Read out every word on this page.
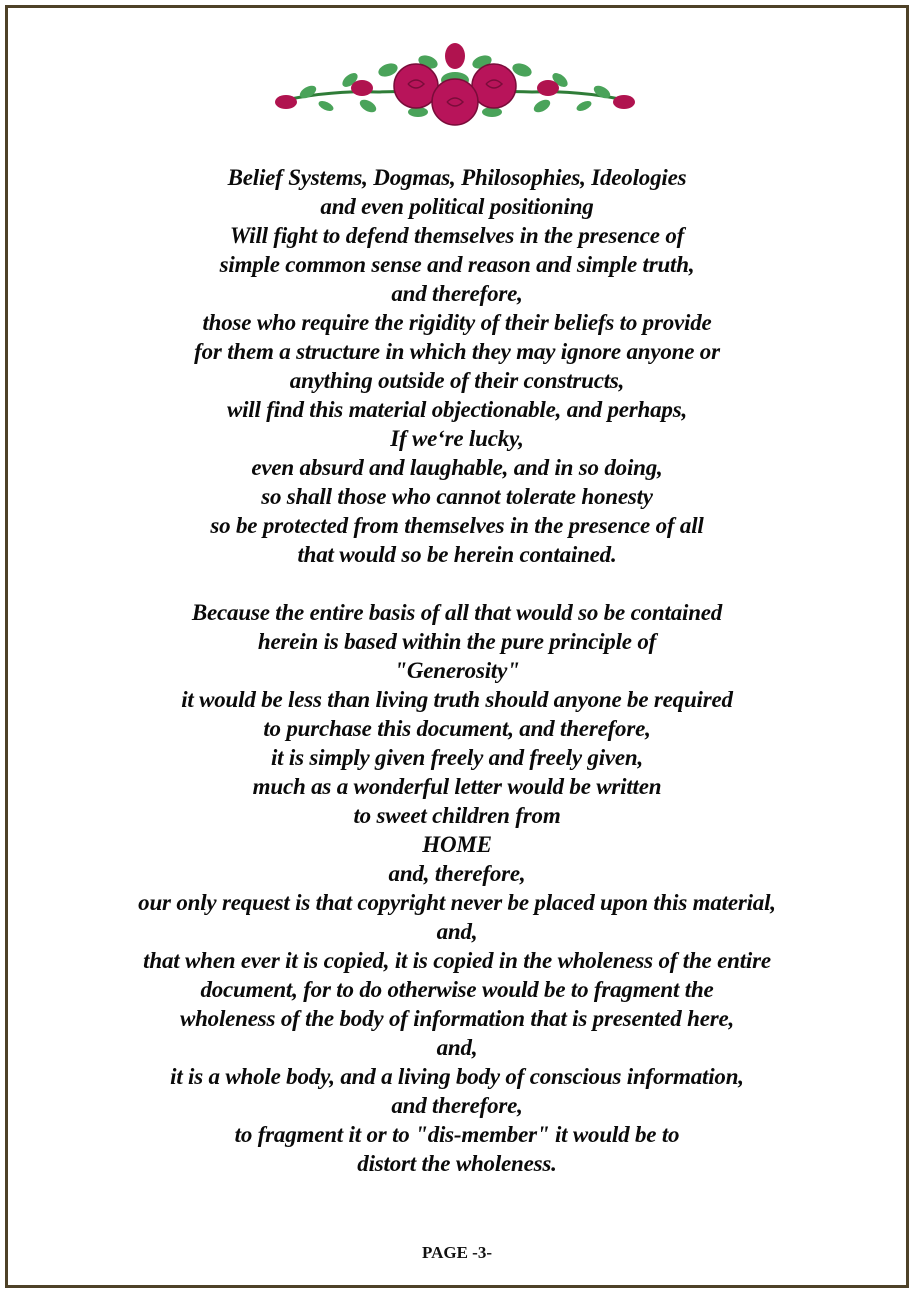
Belief Systems, Dogmas, Philosophies, Ideologies
and even political positioning
Will fight to defend themselves in the presence of
simple common sense and reason and simple truth,
and therefore,
those who require the rigidity of their beliefs to provide
for them a structure in which they may ignore anyone or
anything outside of their constructs,
will find this material objectionable, and perhaps,
If we‘re lucky,
even absurd and laughable, and in so doing,
so shall those who cannot tolerate honesty
so be protected from themselves in the presence of all
that would so be herein contained.
Because the entire basis of all that would so be contained
herein is based within the pure principle of
"Generosity"
it would be less than living truth should anyone be required
to purchase this document, and therefore,
it is simply given freely and freely given,
much as a wonderful letter would be written
to sweet children from
HOME
and, therefore,
our only request is that copyright never be placed upon this material,
and,
that when ever it is copied, it is copied in the wholeness of the entire
document, for to do otherwise would be to fragment the
wholeness of the body of information that is presented here,
and,
it is a whole body, and a living body of conscious information,
and therefore,
to fragment it or to "dis-member" it would be to
distort the wholeness.
PAGE -3-
